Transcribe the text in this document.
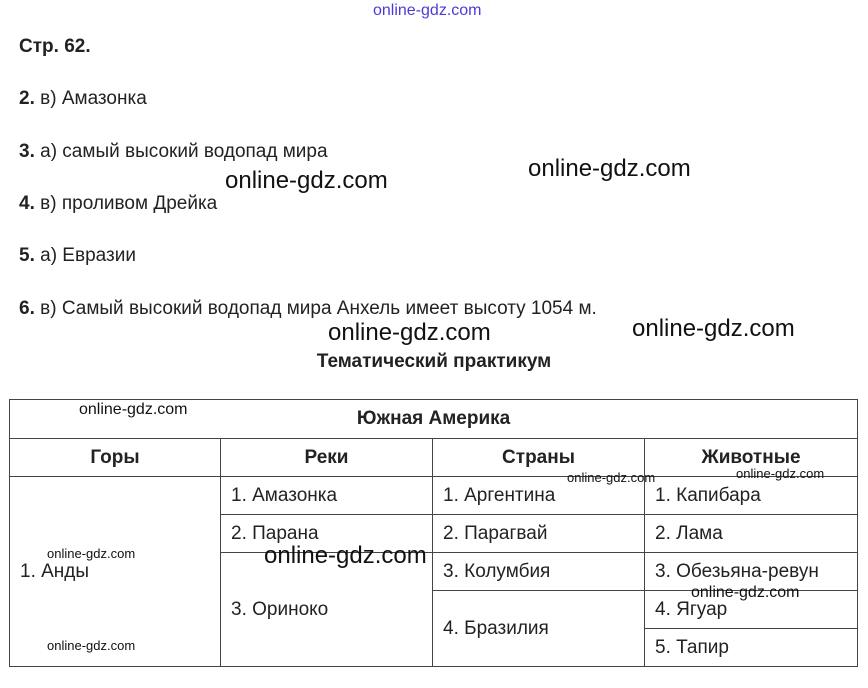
online-gdz.com
Стр. 62.
2. в) Амазонка
3. а) самый высокий водопад мира
4. в) проливом Дрейка
5. а) Евразии
6. в) Самый высокий водопад мира Анхель имеет высоту 1054 м.
Тематический практикум
Южная Америка			
Горы	Реки	Страны	Животные
1. Анды	1. Амазонка	1. Аргентина	1. Капибара
	2. Парана	2. Парагвай	2. Лама
	3. Ориноко	3. Колумбия	3. Обезьяна-ревун
		4. Бразилия	4. Ягуар
			5. Тапир
online-gdz.com	online-gdz.com
online-gdz.com	online-gdz.com
online-gdz.com
online-gdz.com
online-gdz.com	online-gdz.com
online-gdz.com
online-gdz.com
online-gdz.com
